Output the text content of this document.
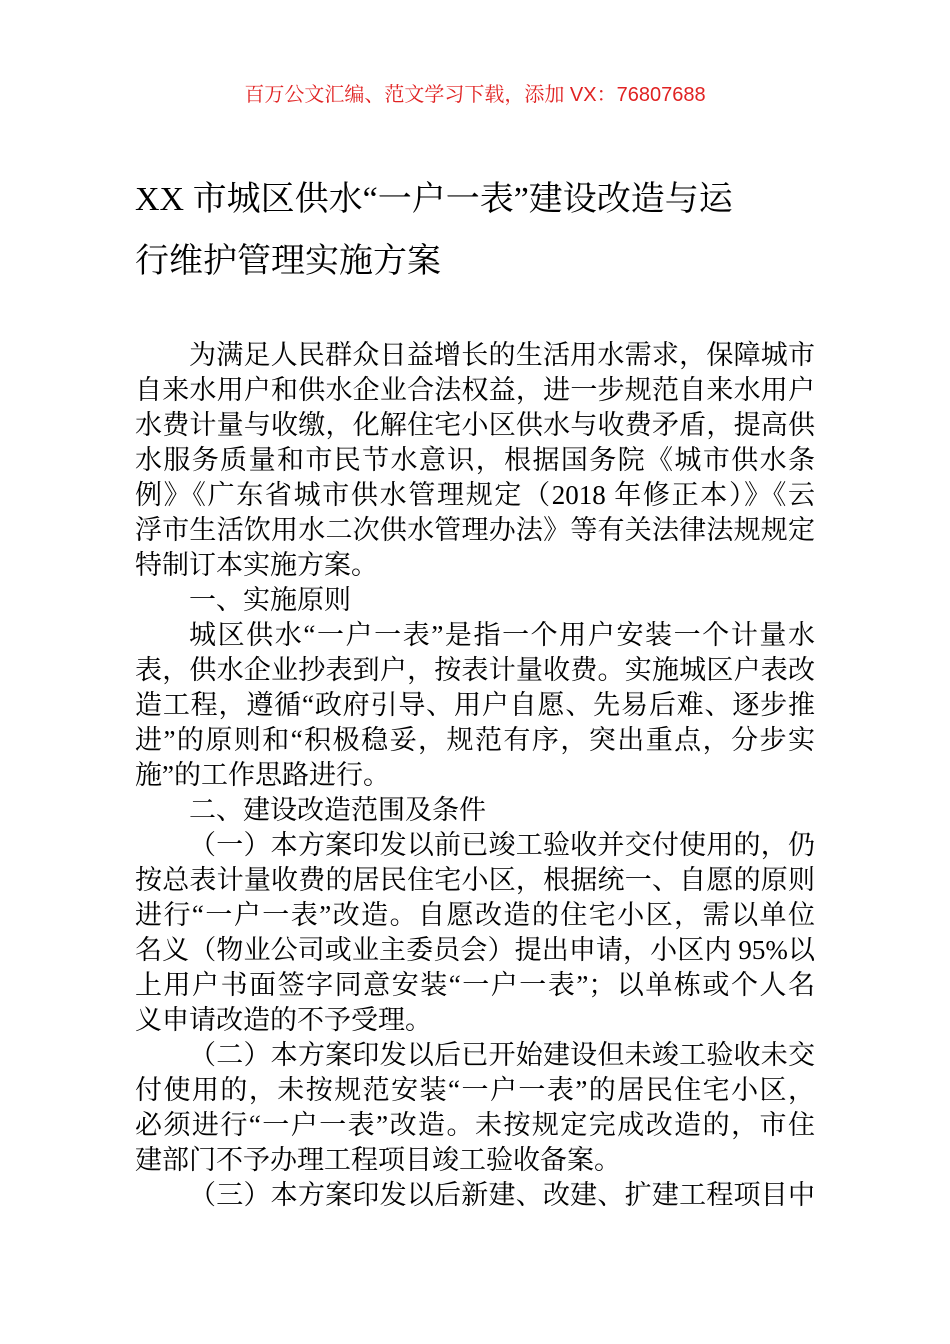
百万公文汇编、范文学习下载，添加 VX：76807688
XX 市城区供水“一户一表”建设改造与运
行维护管理实施方案
为满足人民群众日益增长的生活用水需求，保障城市
自来水用户和供水企业合法权益，进一步规范自来水用户
水费计量与收缴，化解住宅小区供水与收费矛盾，提高供
水服务质量和市民节水意识，根据国务院《城市供水条
例》《广东省城市供水管理规定（2018 年修正本）》《云
浮市生活饮用水二次供水管理办法》等有关法律法规规定
特制订本实施方案。
一、实施原则
城区供水“一户一表”是指一个用户安装一个计量水
表，供水企业抄表到户，按表计量收费。实施城区户表改
造工程，遵循“政府引导、用户自愿、先易后难、逐步推
进”的原则和“积极稳妥，规范有序，突出重点，分步实
施”的工作思路进行。
二、建设改造范围及条件
（一）本方案印发以前已竣工验收并交付使用的，仍
按总表计量收费的居民住宅小区，根据统一、自愿的原则
进行“一户一表”改造。自愿改造的住宅小区，需以单位
名义（物业公司或业主委员会）提出申请，小区内 95%以
上用户书面签字同意安装“一户一表”；以单栋或个人名
义申请改造的不予受理。
（二）本方案印发以后已开始建设但未竣工验收未交
付使用的，未按规范安装“一户一表”的居民住宅小区，
必须进行“一户一表”改造。未按规定完成改造的，市住
建部门不予办理工程项目竣工验收备案。
（三）本方案印发以后新建、改建、扩建工程项目中
